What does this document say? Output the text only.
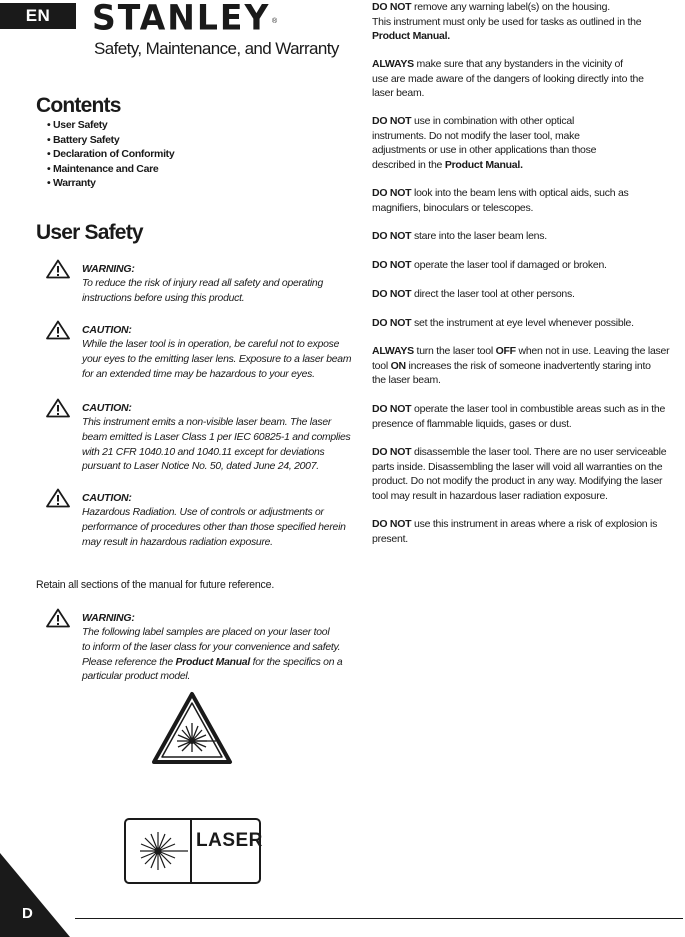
EN	STANLEY ®
Safety, Maintenance, and Warranty
Contents
• User Safety
• Battery Safety
• Declaration of Conformity
• Maintenance and Care
• Warranty
User Safety
WARNING:

To reduce the risk of injury read all safety and operating

instructions before using this product.

CAUTION:

While the laser tool is in operation, be careful not to expose

your eyes to the emitting laser lens. Exposure to a laser beam

for an extended time may be hazardous to your eyes.

CAUTION:

This instrument emits a non-visible laser beam. The laser

beam emitted is Laser Class 1 per IEC 60825-1 and complies

with 21 CFR 1040.10 and 1040.11 except for deviations

pursuant to Laser Notice No. 50, dated June 24, 2007.

CAUTION:

Hazardous Radiation. Use of controls or adjustments or

performance of procedures other than those specified herein

may result in hazardous radiation exposure.

Retain all sections of the manual for future reference.
WARNING:

The following label samples are placed on your laser tool

to inform of the laser class for your convenience and safety.

Please reference the Product Manual for the specifics on a

particular product model.

LASER

DO NOT remove any warning label(s) on the housing.

This instrument must only be used for tasks as outlined in the

Product Manual.

ALWAYS make sure that any bystanders in the vicinity of

use are made aware of the dangers of looking directly into the

laser beam.

DO NOT use in combination with other optical

instruments. Do not modify the laser tool, make

adjustments or use in other applications than those

described in the Product Manual.

DO NOT look into the beam lens with optical aids, such as

magnifiers, binoculars or telescopes.

DO NOT stare into the laser beam lens.

DO NOT operate the laser tool if damaged or broken.

DO NOT direct the laser tool at other persons.

DO NOT set the instrument at eye level whenever possible.

ALWAYS turn the laser tool OFF when not in use. Leaving the laser

tool ON increases the risk of someone inadvertently staring into

the laser beam.

DO NOT operate the laser tool in combustible areas such as in the

presence of flammable liquids, gases or dust.

DO NOT disassemble the laser tool. There are no user serviceable

parts inside. Disassembling the laser will void all warranties on the

product. Do not modify the product in any way. Modifying the laser

tool may result in hazardous laser radiation exposure.

DO NOT use this instrument in areas where a risk of explosion is

present.

D
